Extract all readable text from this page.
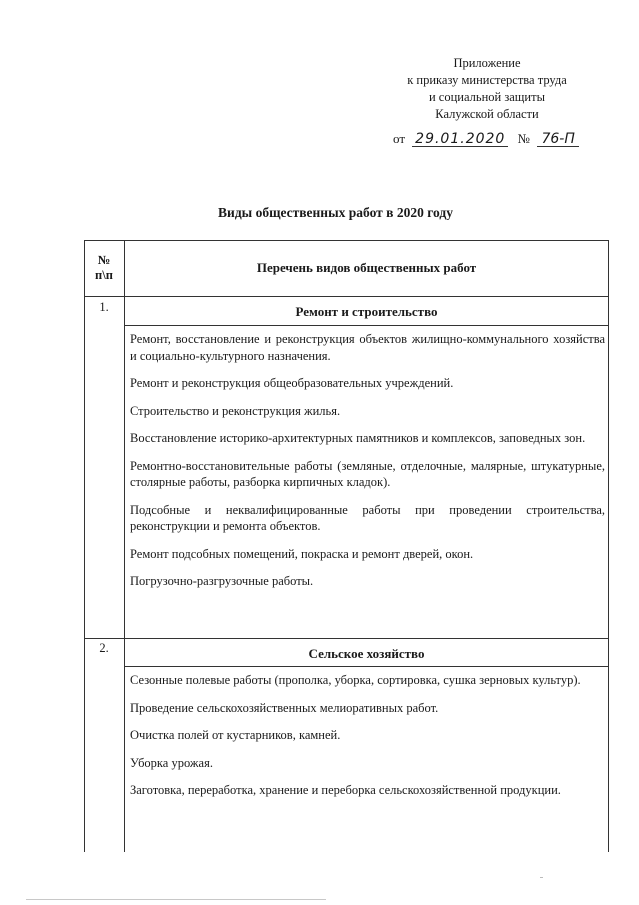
Приложение
к приказу министерства труда
и социальной защиты
Калужской области
от 29.01.2020 № 76-П
Виды общественных работ в 2020 году
№ п\п	Перечень видов общественных работ
1.	Ремонт и строительство

Ремонт, восстановление и реконструкция объектов жилищно-коммунального хозяйства и социально-культурного назначения.

Ремонт и реконструкция общеобразовательных учреждений.

Строительство и реконструкция жилья.

Восстановление историко-архитектурных памятников и комплексов, заповедных зон.

Ремонтно-восстановительные работы (земляные, отделочные, малярные, штукатурные, столярные работы, разборка кирпичных кладок).

Подсобные и неквалифицированные работы при проведении строительства, реконструкции и ремонта объектов.

Ремонт подсобных помещений, покраска и ремонт дверей, окон.

Погрузочно-разгрузочные работы.

2.	Сельское хозяйство

Сезонные полевые работы (прополка, уборка, сортировка, сушка зерновых культур).

Проведение сельскохозяйственных мелиоративных работ.

Очистка полей от кустарников, камней.

Уборка урожая.

Заготовка, переработка, хранение и переборка сельскохозяйственной продукции.
